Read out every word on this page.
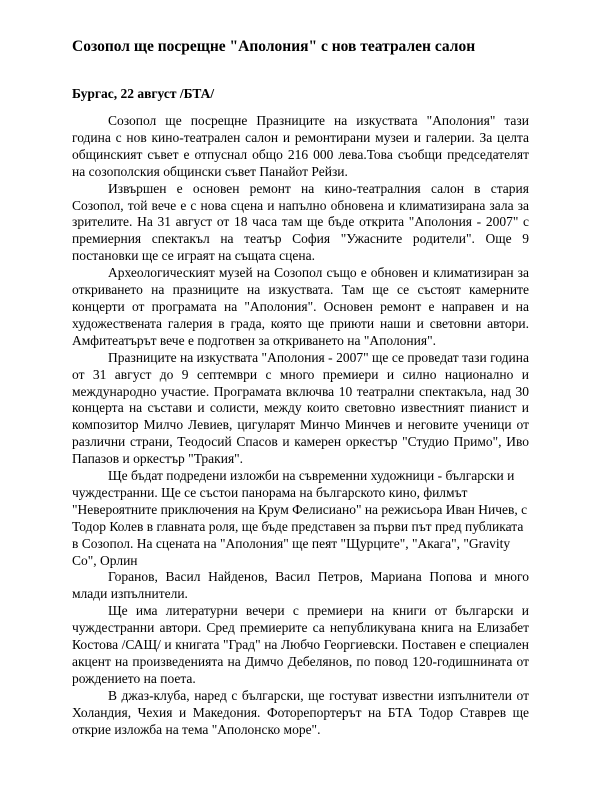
Созопол ще посрещне "Аполония" с нов театрален салон
Бургас, 22 август /БТА/

Созопол ще посрещне Празниците на изкуствата "Аполония" тази година с нов кино-театрален салон и ремонтирани музеи и галерии. За целта общинският съвет е отпуснал общо 216 000 лева.Това съобщи председателят на созополския общински съвет Панайот Рейзи.

Извършен е основен ремонт на кино-театралния салон в стария Созопол, той вече е с нова сцена и напълно обновена и климатизирана зала за зрителите. На 31 август от 18 часа там ще бъде открита "Аполония - 2007" с премиерния спектакъл на театър София "Ужасните родители". Още 9 постановки ще се играят на същата сцена.

Археологическият музей на Созопол също е обновен и климатизиран за откриването на празниците на изкуствата. Там ще се състоят камерните концерти от програмата на "Аполония". Основен ремонт е направен и на художествената галерия в града, която ще приюти наши и световни автори. Амфитеатърът вече е подготвен за откриването на "Аполония".

Празниците на изкуствата "Аполония - 2007" ще се проведат тази година от 31 август до 9 септември с много премиери и силно национално и международно участие. Програмата включва 10 театрални спектакъла, над 30 концерта на състави и солисти, между които световно известният пианист и композитор Милчо Левиев, цигуларят Минчо Минчев и неговите ученици от различни страни, Теодосий Спасов и камерен оркестър "Студио Примо", Иво Папазов и оркестър "Тракия".

Ще бъдат подредени изложби на съвременни художници - български и чуждестранни. Ще се състои панорама на българското кино, филмът "Невероятните приключения на Крум Фелисиано" на режисьора Иван Ничев, с Тодор Колев в главната роля, ще бъде представен за първи път пред публиката в Созопол. На сцената на "Аполония" ще пеят "Щурците", "Акага", "Gravity Co", Орлин

Горанов, Васил Найденов, Васил Петров, Мариана Попова и много млади изпълнители.

Ще има литературни вечери с премиери на книги от български и чуждестранни автори. Сред премиерите са непубликувана книга на Елизабет Костова /САЩ/ и книгата "Град" на Любчо Георгиевски. Поставен е специален акцент на произведенията на Димчо Дебелянов, по повод 120-годишнината от рождението на поета.

В джаз-клуба, наред с български, ще гостуват известни изпълнители от Холандия, Чехия и Македония. Фоторепортерът на БТА Тодор Ставрев ще открие изложба на тема "Аполонско море".
